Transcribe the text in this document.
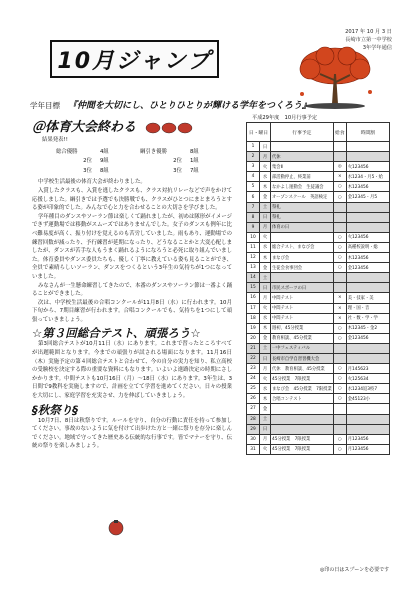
10月ジャンプ
2017 年 10 月 3 日
長崎市立第一中学校
3年学年通信
学年目標 『仲間を大切にし、ひとりひとりが輝ける学年をつくろう』
＠体育大会終わる
結果発表!!
総合優勝	4組	綱引き優勝	8組
2位	9組	2位	1組
3位	8組	3位	7組
中学校生活最後の体育大会が終わりました。
入賞したクラスも、入賞を逃したクラスも、クラス対抗リレーなどで声をかけて応援しました。綱引きでは予選でも決勝戦でも、クラスがひとつにまとまろうとする姿が印象的でした。みんなで心と力を合わせることの大切さを学びました。
学年種目のダンスやソーラン節は楽しくて踊れましたが、初めは隊形がイメージできず運動場では移動がスムーズではありませんでした。女子のダンスも例年に比べ難易度が高く、振り付けを覚えるのも苦労していました。雨もあり、運動場での練習回数が減ったり、予行練習が延期になったり、どうなることかと大変心配しましたが、ダンスが苦手な人もうまく踊れるようになろうと必死に取り組んでいました。体育委員やダンス委員たちも、優しく丁寧に教えている姿も見ることができ、全員で素晴らしいソーラン、ダンスをつくるという3年生の気持ちが1つになっていました。
みなさんが一生懸命練習してきたので、本番のダンスやソーラン節は一番よく踊ることができました。
次は、中学校生活最後の合唱コンクールが11月8日（水）に行われます。10月下旬から、7期目練習が行われます。合唱コンクールでも、気持ちを1つにして頑張っていきましょう。
☆第３回総合テスト、頑張ろう☆
第3回総合テストが10月11日（水）にあります。これまで習ったところすべてが出題範囲となります。今までの頑張りが試される場面になります。11月16日（木）実施予定の第４回総合テストと合わせて、今の自分の実力を知り、私立高校の受験校を決定する際の重要な資料にもなります。いよいよ進路決定の時期にさしかかります。中間テストも10月16日（月）～18日（水）にあります。3年生は、3日間で9教科を実施しますので、計画を立てて学習を進めてください。日々の授業を大切にし、家庭学習を充実させ、力を伸ばしていきましょう。
§秋祭り§
10月7日、8日は秋祭りです。ルールを守り、自分の行動に責任を持って参加してください。事故のないように気を付けて出歩けた方と一緒に祭りを存分に楽しんでください。地域で守ってきた歴史ある伝統的な行事です。皆でマナーを守り、伝統の祭りを楽しみましょう。
平成29年度　10月行事予定
日・曜日		行事予定	給食	時間割
1	日			
2	月	代休		
3	火	集会Ⅱ	◎	火123456
4	水	部活動停止、終業前	×	水1234・月5・給
5	木	なかよし運動会　生徒議会	○	木123456
6	金	オープンスクール　英語検定	○	金12345・月5
7	土	祭礼		
8	日	祭礼		
9	月	体育の日		
10	火		○	火123456
11	水	総合テスト、まなび会	○	高種校説明・総
12	木	まなび会	○	木123456
13	金	生徒会食事団会	○	金123456
14	土			
15	日	市民スポーツの日		
16	月	中間テスト	×	美・技家・美
17	火	中間テスト	×	理・国・音
18	水	中間テスト	×	社・数・学・学
19	木	週初、45分授業	○	木12345・金2
20	金	教育相談、45分授業	○	金123456
21	土	一中フェスティバル		
22	日	長崎市自学自習習機大会		
23	月	代休　教育相談、45分授業	○	月145623
24	火	45分授業　7限授業	○	火125634
25	水	まなび会　45分授業　7限授業	○	水1234返3校7
26	木	合唱コンテスト	○	金45123小
27	金			
28	土			
29	日			
30	月	45分授業　7限授業	○	月123456
31	火	45分授業　7限授業	○	月123456
◎印の日はスプーンを必要です
